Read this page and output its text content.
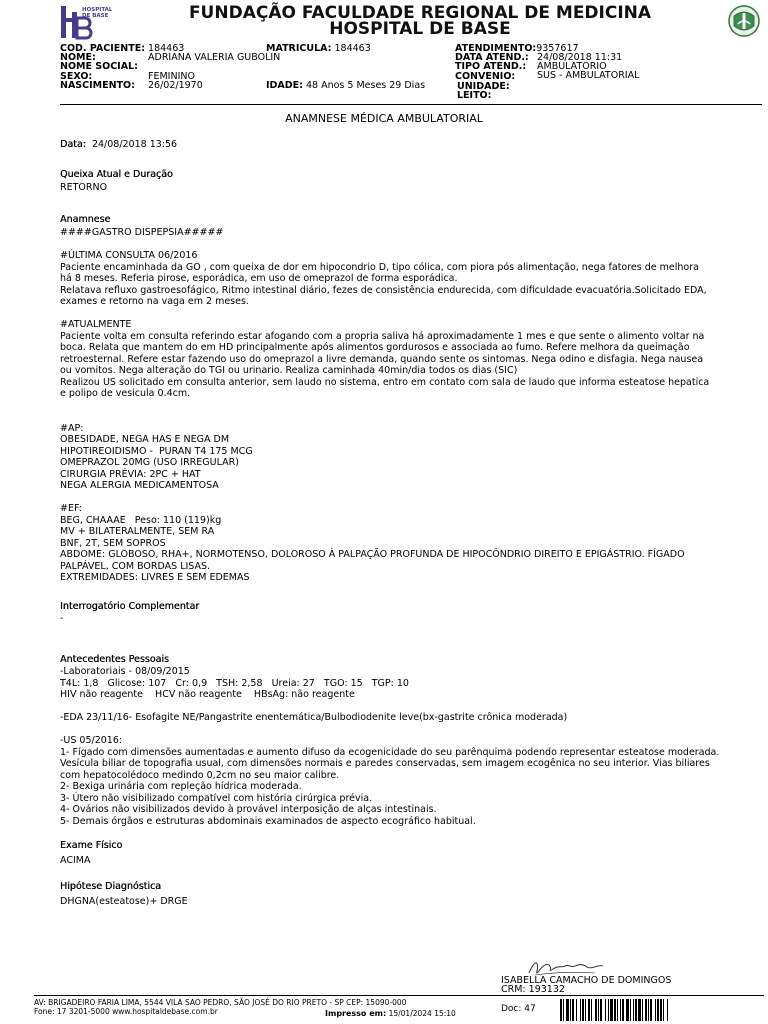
HOSPITAL
DE BASE	FUNDAÇÃO FACULDADE REGIONAL DE MEDICINA
HOSPITAL DE BASE
COD. PACIENTE: 184463	MATRICULA: 184463
NOME:	ADRIANA VALERIA GUBOLIN
NOME SOCIAL:
SEXO:	FEMININO
NASCIMENTO: 26/02/1970	IDADE: 48 Anos 5 Meses 29 Dias
ATENDIMENTO:9357617
DATA ATEND.: 24/08/2018 11:31
TIPO ATEND.: AMBULATORIO
CONVENIO: SUS - AMBULATORIAL
UNIDADE:
LEITO:
ANAMNESE MÉDICA AMBULATORIAL
Data: 24/08/2018 13:56
Queixa Atual e Duração
RETORNO
Anamnese
####GASTRO DISPEPSIA#####

#ÚLTIMA CONSULTA 06/2016
Paciente encaminhada da GO , com queixa de dor em hipocondrio D, tipo cólica, com piora pós alimentação, nega fatores de melhora
há 8 meses. Referia pirose, esporádica, em uso de omeprazol de forma esporádica.
Relatava refluxo gastroesofágico, Ritmo intestinal diário, fezes de consistência endurecida, com dificuldade evacuatória.Solicitado EDA,
exames e retorno na vaga em 2 meses.

#ATUALMENTE
Paciente volta em consulta referindo estar afogando com a propria saliva há aproximadamente 1 mes e que sente o alimento voltar na
boca. Relata que mantem do em HD principalmente após alimentos gordurosos e associada ao fumo. Refere melhora da queimação
retroesternal. Refere estar fazendo uso do omeprazol a livre demanda, quando sente os sintomas. Nega odino e disfagia. Nega nausea
ou vomitos. Nega alteração do TGI ou urinario. Realiza caminhada 40min/dia todos os dias (SIC)
Realizou US solicitado em consulta anterior, sem laudo no sistema, entro em contato com sala de laudo que informa esteatose hepatica
e polipo de vesicula 0.4cm.

#AP:
OBESIDADE, NEGA HAS E NEGA DM
HIPOTIREOIDISMO -  PURAN T4 175 MCG
OMEPRAZOL 20MG (USO IRREGULAR)
CIRURGIA PRÉVIA: 2PC + HAT
NEGA ALERGIA MEDICAMENTOSA

#EF:
BEG, CHAAAE   Peso: 110 (119)kg
MV + BILATERALMENTE, SEM RA
BNF, 2T, SEM SOPROS
ABDOME: GLOBOSO, RHA+, NORMOTENSO, DOLOROSO À PALPAÇÃO PROFUNDA DE HIPOCÔNDRIO DIREITO E EPIGÁSTRIO. FÍGADO
PALPÁVEL, COM BORDAS LISAS.
EXTREMIDADES: LIVRES E SEM EDEMAS
Interrogatório Complementar
-
Antecedentes Pessoais
-Laboratoriais - 08/09/2015
T4L: 1,8   Glicose: 107   Cr: 0,9   TSH: 2,58   Ureia: 27   TGO: 15   TGP: 10
HIV não reagente    HCV não reagente    HBsAg: não reagente

-EDA 23/11/16- Esofagite NE/Pangastrite enentemática/Bulbodiodenite leve(bx-gastrite crônica moderada)

-US 05/2016:
1- Fígado com dimensões aumentadas e aumento difuso da ecogenicidade do seu parênquima podendo representar esteatose moderada.
Vesícula biliar de topografia usual, com dimensões normais e paredes conservadas, sem imagem ecogênica no seu interior. Vias biliares
com hepatocolédoco medindo 0,2cm no seu maior calibre.
2- Bexiga urinária com repleção hídrica moderada.
3- Útero não visibilizado compatível com história cirúrgica prévia.
4- Ovários não visibilizados devido à provável interposição de alças intestinais.
5- Demais órgãos e estruturas abdominais examinados de aspecto ecográfico habitual.
Exame Físico
ACIMA
Hipótese Diagnóstica
DHGNA(esteatose)+ DRGE
ISABELLA CAMACHO DE DOMINGOS
CRM: 193132
AV: BRIGADEIRO FARIA LIMA, 5544 VILA SAO PEDRO, SÃO JOSÉ DO RIO PRETO - SP CEP: 15090-000
Fone: 17 3201-5000 www.hospitaldebase.com.br	Impresso em: 15/01/2024 15:10	Doc: 47
